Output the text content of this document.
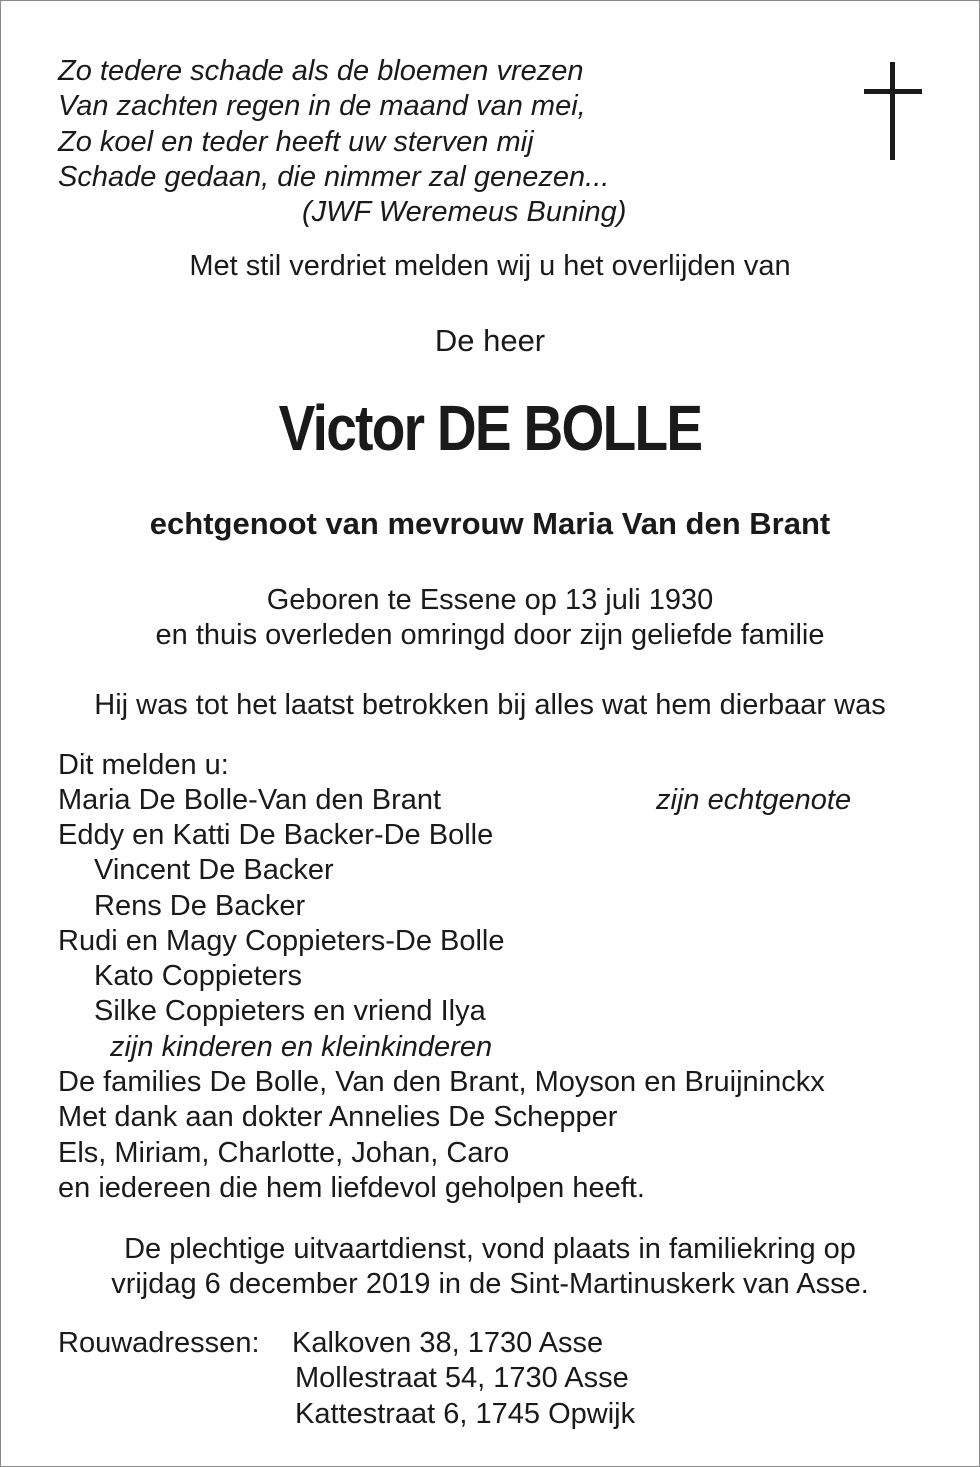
Zo tedere schade als de bloemen vrezen
Van zachten regen in de maand van mei,
Zo koel en teder heeft uw sterven mij
Schade gedaan, die nimmer zal genezen...
(JWF Weremeus Buning)
Met stil verdriet melden wij u het overlijden van
De heer
Victor DE BOLLE
echtgenoot van mevrouw Maria Van den Brant
Geboren te Essene op 13 juli 1930
en thuis overleden omringd door zijn geliefde familie
Hij was tot het laatst betrokken bij alles wat hem dierbaar was
Dit melden u:
Maria De Bolle-Van den Brant	zijn echtgenote
Eddy en Katti De Backer-De Bolle
Vincent De Backer
Rens De Backer
Rudi en Magy Coppieters-De Bolle
Kato Coppieters
Silke Coppieters en vriend Ilya
zijn kinderen en kleinkinderen
De families De Bolle, Van den Brant, Moyson en Bruijninckx
Met dank aan dokter Annelies De Schepper
Els, Miriam, Charlotte, Johan, Caro
en iedereen die hem liefdevol geholpen heeft.
De plechtige uitvaartdienst, vond plaats in familiekring op
vrijdag 6 december 2019 in de Sint-Martinuskerk van Asse.
Rouwadressen: Kalkoven 38, 1730 Asse
Mollestraat 54, 1730 Asse
Kattestraat 6, 1745 Opwijk
